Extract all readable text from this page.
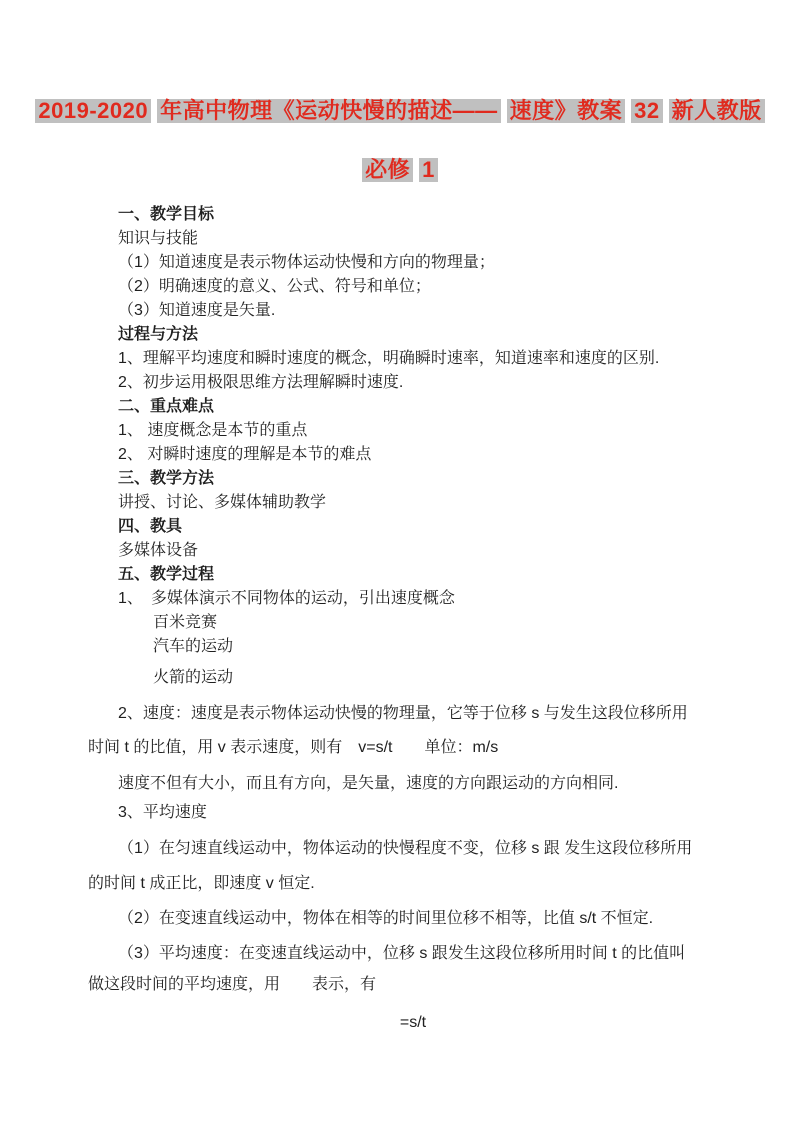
2019-2020 年高中物理《运动快慢的描述—— 速度》教案 32 新人教版
必修 1
一、教学目标
知识与技能
（1）知道速度是表示物体运动快慢和方向的物理量；
（2）明确速度的意义、公式、符号和单位；
（3）知道速度是矢量.
过程与方法
1、理解平均速度和瞬时速度的概念，明确瞬时速率，知道速率和速度的区别.
2、初步运用极限思维方法理解瞬时速度.
二、重点难点
1、 速度概念是本节的重点
2、 对瞬时速度的理解是本节的难点
三、教学方法
讲授、讨论、多媒体辅助教学
四、教具
多媒体设备
五、教学过程
1、　多媒体演示不同物体的运动，引出速度概念
百米竞赛
汽车的运动
火箭的运动
2、速度：速度是表示物体运动快慢的物理量，它等于位移 s 与发生这段位移所用
时间 t 的比值，用 v 表示速度，则有　v=s/t　　单位：m/s
速度不但有大小，而且有方向，是矢量，速度的方向跟运动的方向相同.
3、平均速度
（1）在匀速直线运动中，物体运动的快慢程度不变，位移 s 跟 发生这段位移所用
的时间 t 成正比，即速度 v 恒定.
（2）在变速直线运动中，物体在相等的时间里位移不相等，比值 s/t 不恒定.
（3）平均速度：在变速直线运动中，位移 s 跟发生这段位移所用时间 t 的比值叫
做这段时间的平均速度，用　　表示，有
=s/t
